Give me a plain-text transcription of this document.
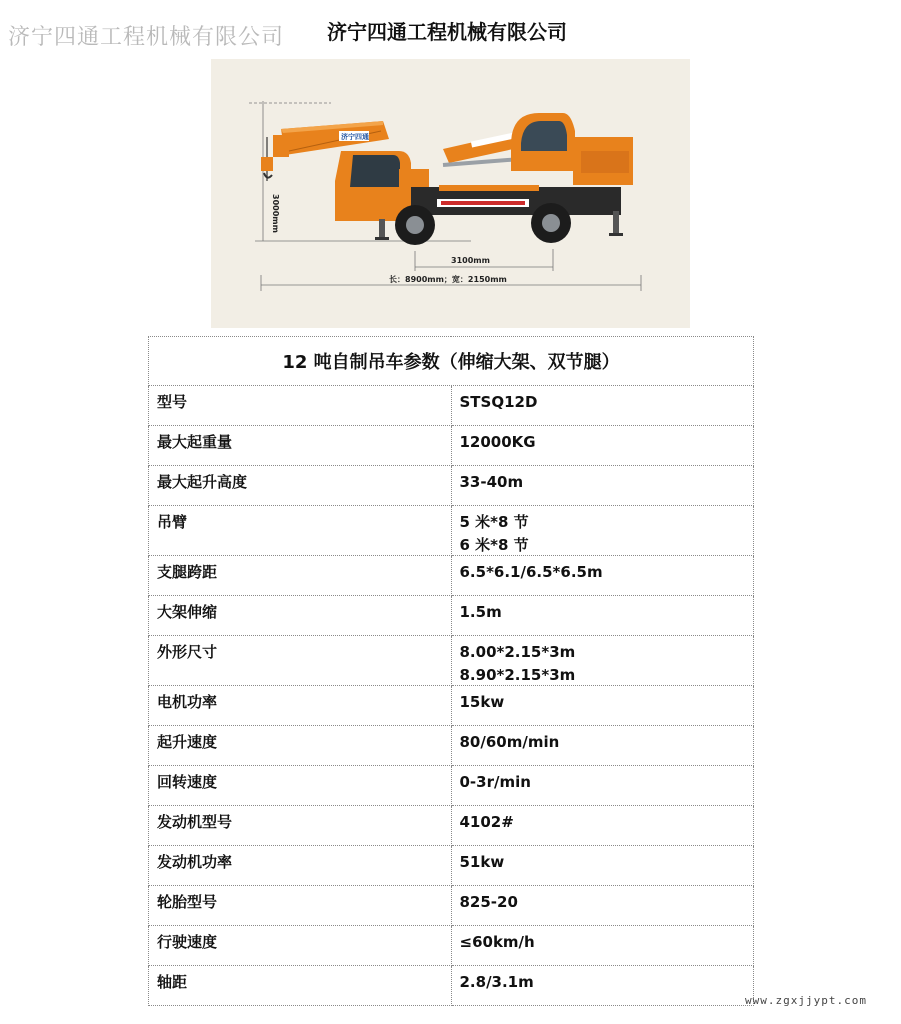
济宁四通工程机械有限公司 济宁四通工程机械有限公司
3000mm
3100mm
长：8900mm；宽：2150mm
济宁四通
12 吨自制吊车参数（伸缩大架、双节腿）	

型号	STSQ12D

最大起重量	12000KG

最大起升高度	33-40m

吊臂	5 米*8 节
6 米*8 节

支腿跨距	6.5*6.1/6.5*6.5m

大架伸缩	1.5m

外形尺寸	8.00*2.15*3m
8.90*2.15*3m

电机功率	15kw

起升速度	80/60m/min

回转速度	0-3r/min

发动机型号	4102#

发动机功率	51kw

轮胎型号	825-20

行驶速度	≤60km/h

轴距	2.8/3.1m
www.zgxjjypt.com
